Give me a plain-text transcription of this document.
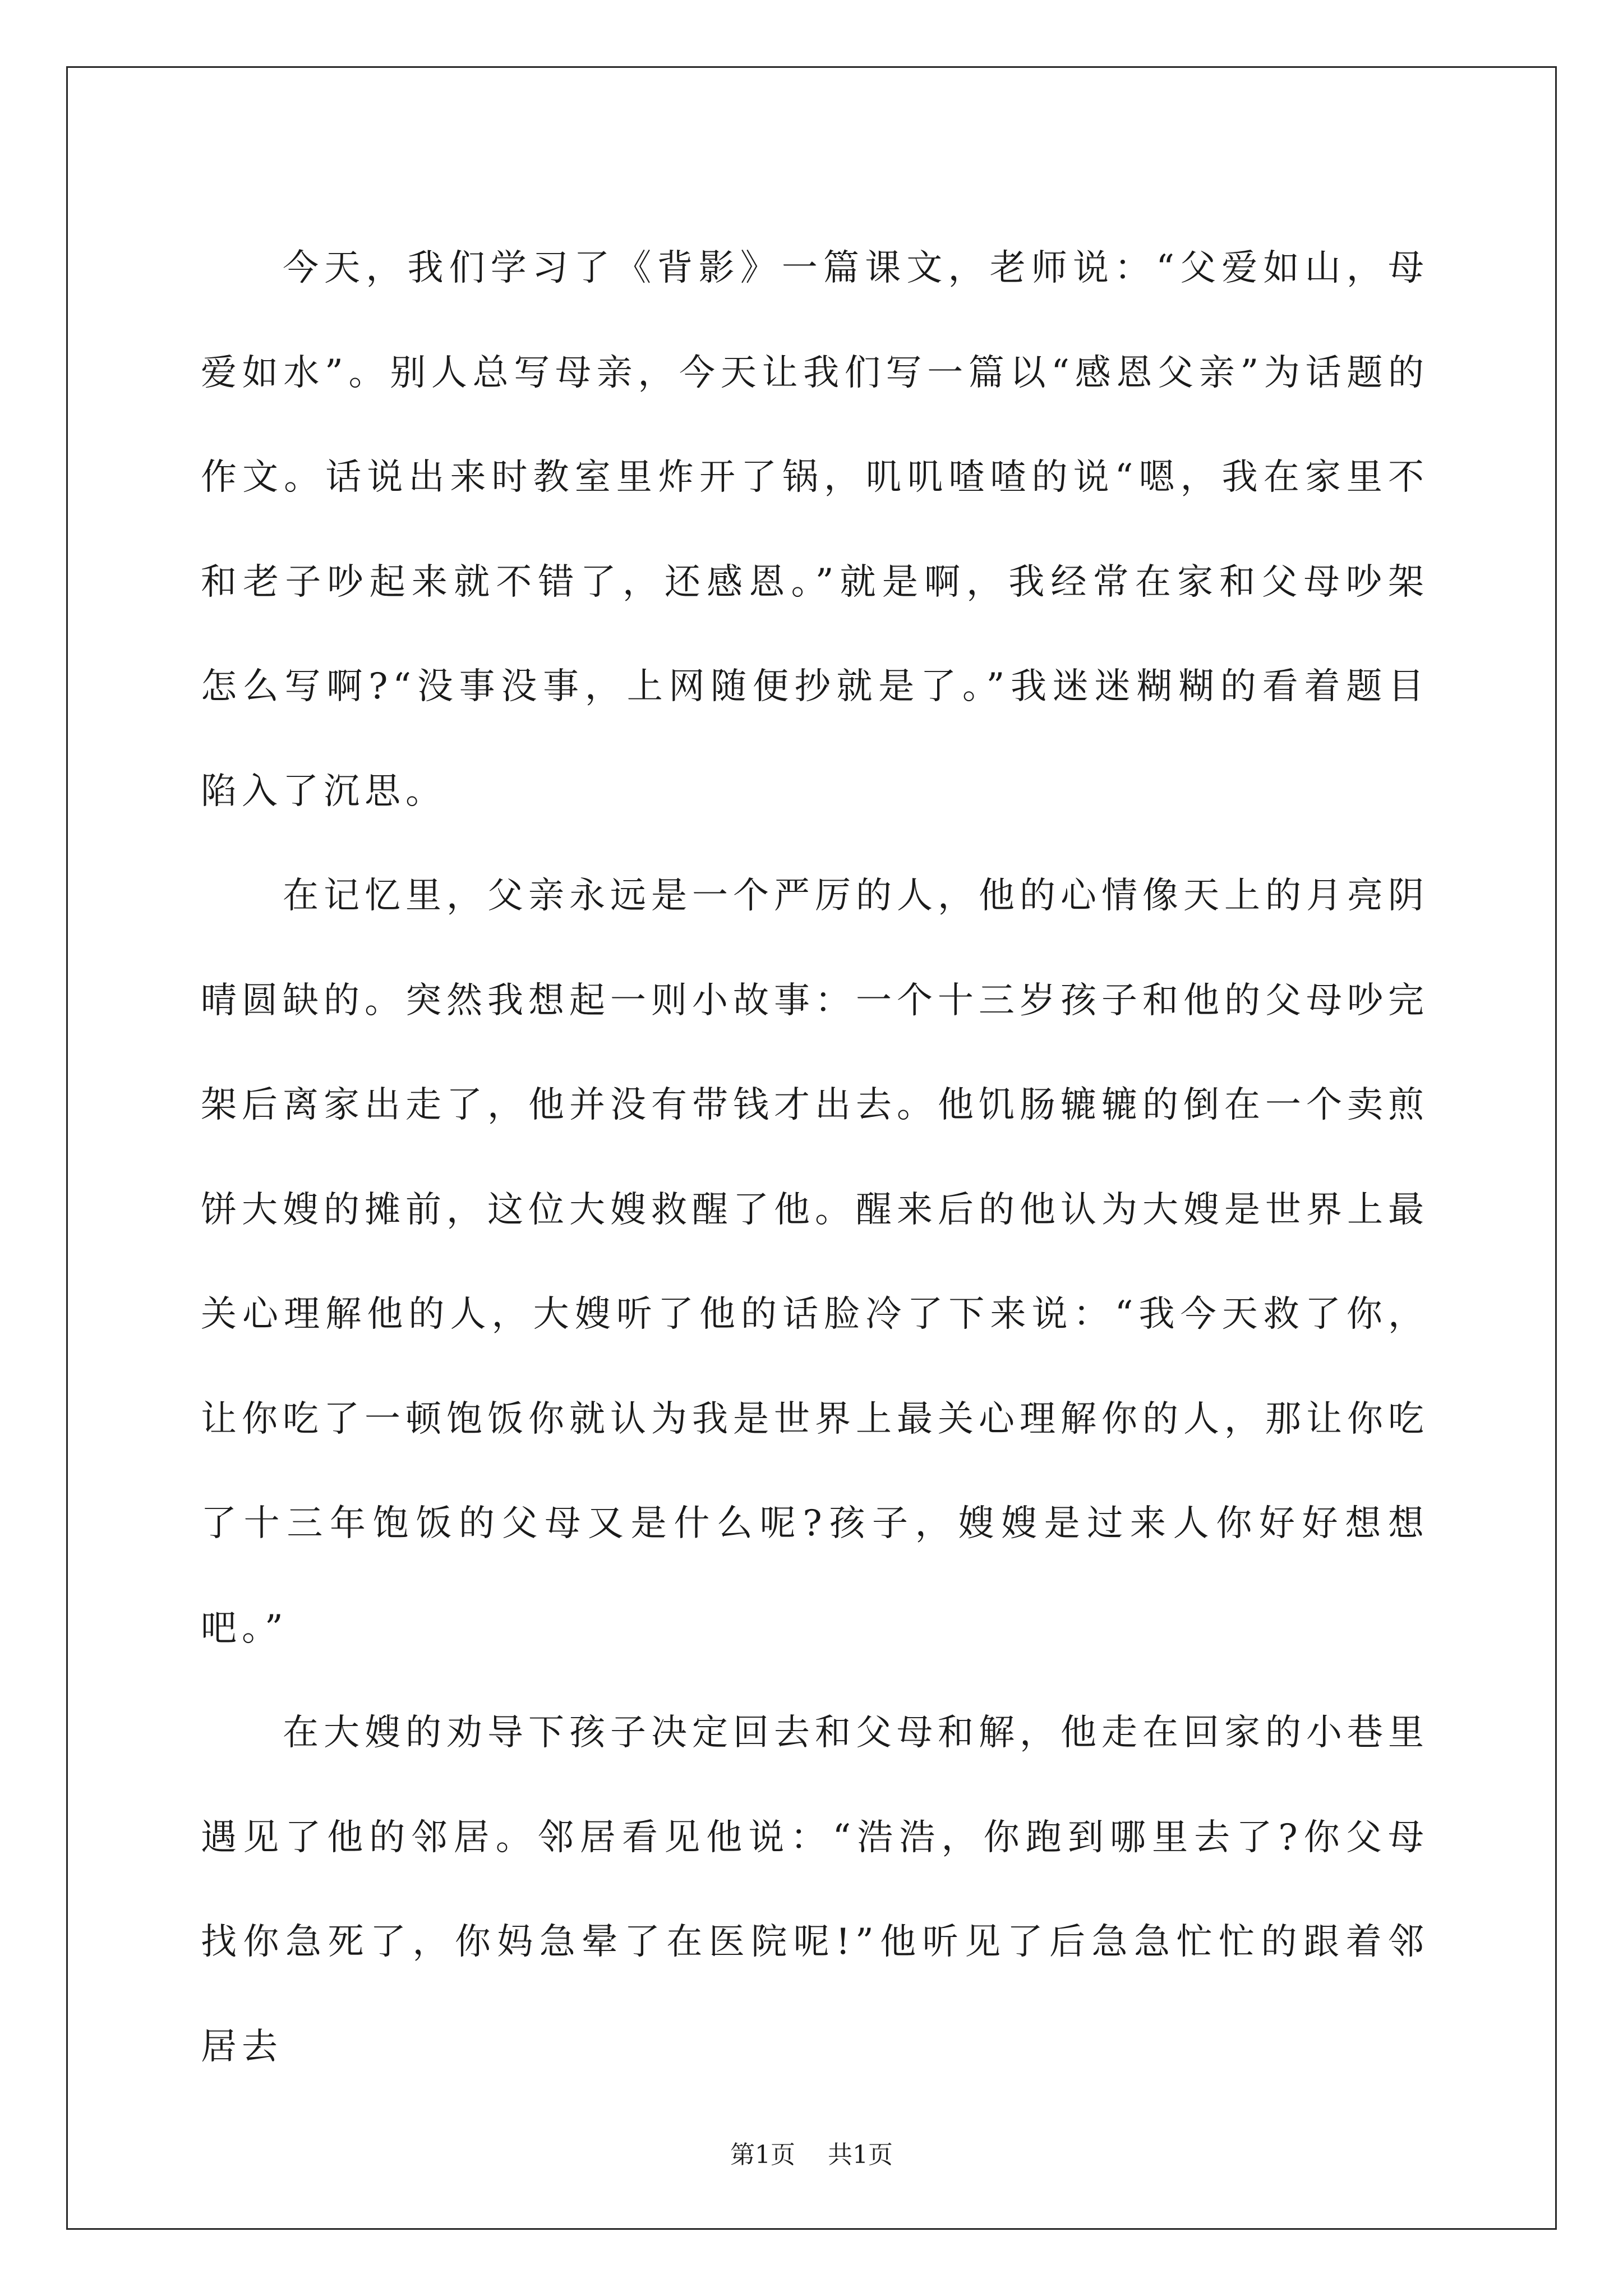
今天，我们学习了《背影》一篇课文，老师说：“父爱如山，母爱如水”。别人总写母亲，今天让我们写一篇以“感恩父亲”为话题的作文。话说出来时教室里炸开了锅，叽叽喳喳的说“嗯，我在家里不和老子吵起来就不错了，还感恩。”就是啊，我经常在家和父母吵架怎么写啊?“没事没事，上网随便抄就是了。”我迷迷糊糊的看着题目陷入了沉思。

在记忆里，父亲永远是一个严厉的人，他的心情像天上的月亮阴晴圆缺的。突然我想起一则小故事：一个十三岁孩子和他的父母吵完架后离家出走了，他并没有带钱才出去。他饥肠辘辘的倒在一个卖煎饼大嫂的摊前，这位大嫂救醒了他。醒来后的他认为大嫂是世界上最关心理解他的人，大嫂听了他的话脸冷了下来说：“我今天救了你，让你吃了一顿饱饭你就认为我是世界上最关心理解你的人，那让你吃了十三年饱饭的父母又是什么呢?孩子，嫂嫂是过来人你好好想想吧。”

在大嫂的劝导下孩子决定回去和父母和解，他走在回家的小巷里遇见了他的邻居。邻居看见他说：“浩浩，你跑到哪里去了?你父母找你急死了，你妈急晕了在医院呢!”他听见了后急急忙忙的跟着邻居去

第1页 共1页
